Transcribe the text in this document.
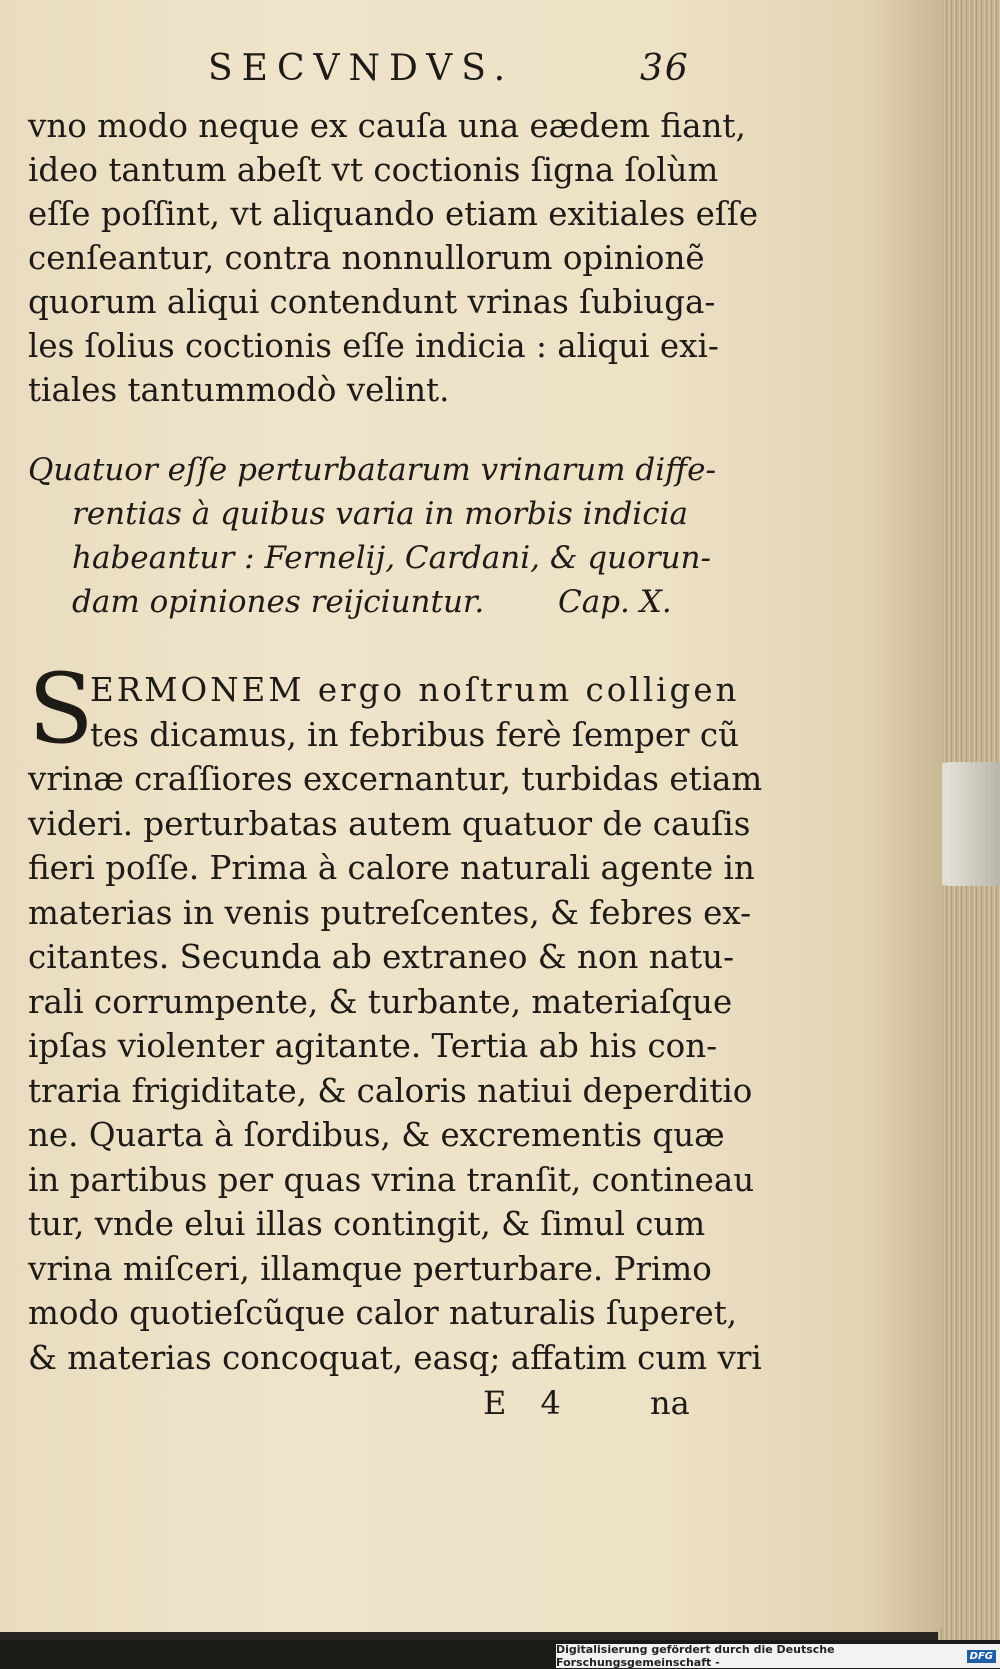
SECVNDVS.	36
vno modo neque ex cauſa una eædem fiant,
ideo tantum abeſt vt coctionis ſigna ſolùm
eſſe poſſint, vt aliquando etiam exitiales eſſe
cenſeantur, contra nonnullorum opinionẽ
quorum aliqui contendunt vrinas ſubiuga-
les ſolius coctionis eſſe indicia : aliqui exi-
tiales tantummodò velint.
Quatuor eſſe perturbatarum vrinarum diffe-
rentias à quibus varia in morbis indicia
habeantur : Fernelij, Cardani, & quorun-
dam opiniones reijciuntur. Cap. X.
S
ERMONEM ergo noſtrum colligen
tes dicamus, in febribus ferè ſemper cũ
vrinæ craſſiores excernantur, turbidas etiam
videri. perturbatas autem quatuor de cauſis
fieri poſſe. Prima à calore naturali agente in
materias in venis putreſcentes, & febres ex-
citantes. Secunda ab extraneo & non natu-
rali corrumpente, & turbante, materiaſque
ipſas violenter agitante. Tertia ab his con-
traria frigiditate, & caloris natiui deperditio
ne. Quarta à ſordibus, & excrementis quæ
in partibus per quas vrina tranſit, contineau
tur, vnde elui illas contingit, & ſimul cum
vrina miſceri, illamque perturbare. Primo
modo quotieſcũque calor naturalis ſuperet,
& materias concoquat, easq; affatim cum vri
E 4 na
Digitalisierung gefördert durch die Deutsche Forschungsgemeinschaft -	DFG
